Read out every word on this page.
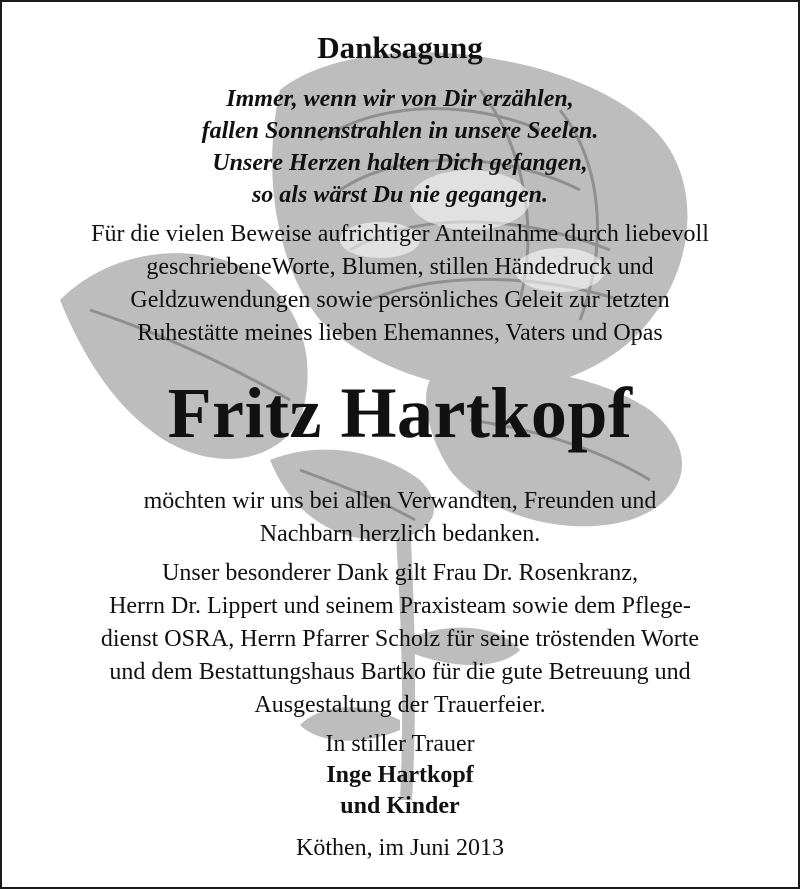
Danksagung
Immer, wenn wir von Dir erzählen,
fallen Sonnenstrahlen in unsere Seelen.
Unsere Herzen halten Dich gefangen,
so als wärst Du nie gegangen.
Für die vielen Beweise aufrichtiger Anteilnahme durch liebevoll
geschriebeneWorte, Blumen, stillen Händedruck und
Geldzuwendungen sowie persönliches Geleit zur letzten
Ruhestätte meines lieben Ehemannes, Vaters und Opas
Fritz Hartkopf
möchten wir uns bei allen Verwandten, Freunden und
Nachbarn herzlich bedanken.
Unser besonderer Dank gilt Frau Dr. Rosenkranz,
Herrn Dr. Lippert und seinem Praxisteam sowie dem Pflege-
dienst OSRA, Herrn Pfarrer Scholz für seine tröstenden Worte
und dem Bestattungshaus Bartko für die gute Betreuung und
Ausgestaltung der Trauerfeier.
In stiller Trauer
Inge Hartkopf
und Kinder
Köthen, im Juni 2013
